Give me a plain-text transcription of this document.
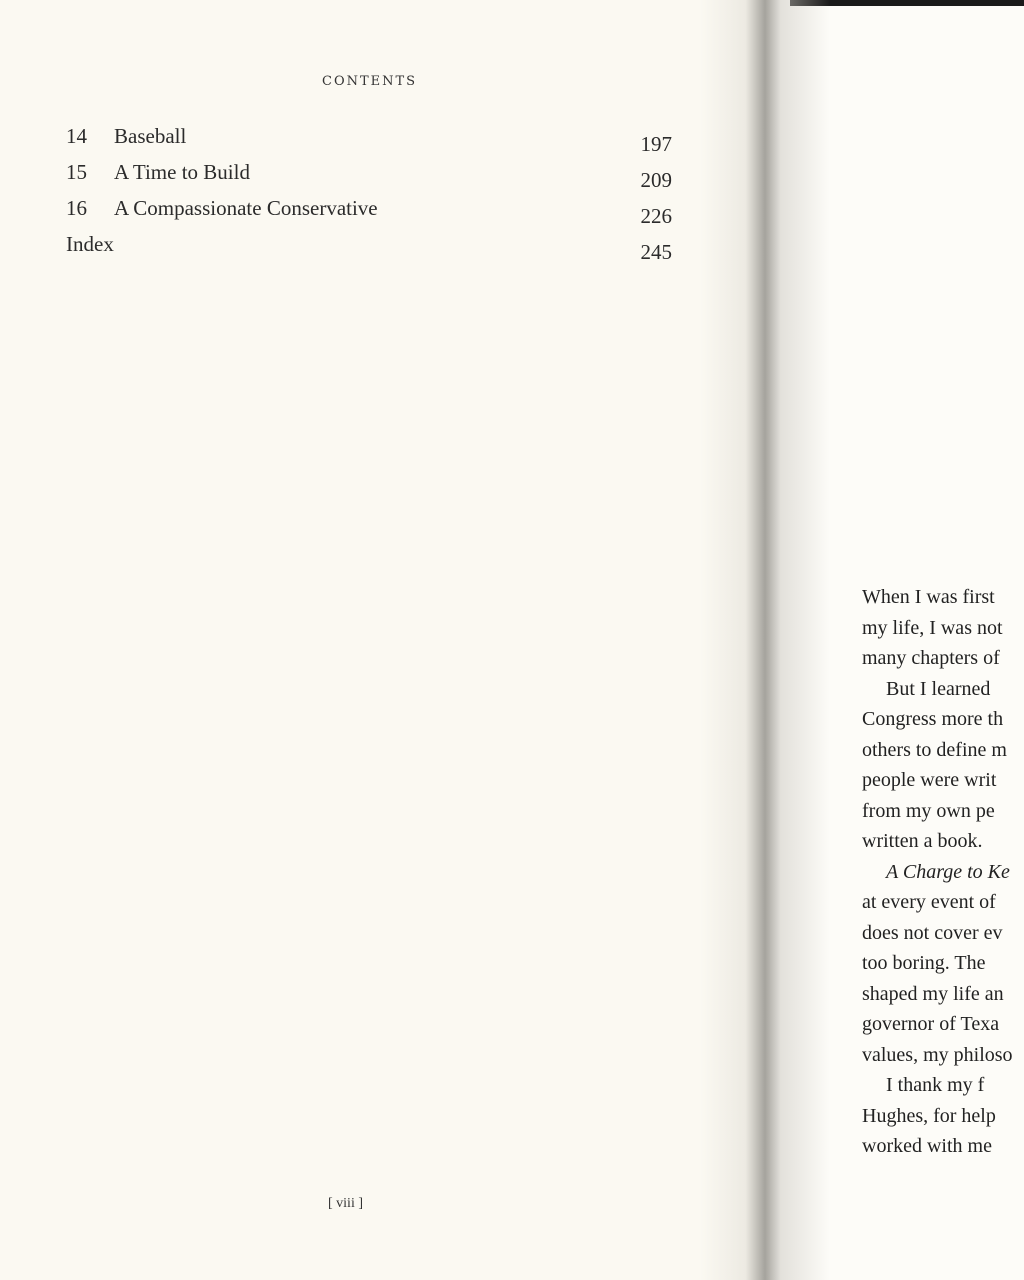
CONTENTS
14 Baseball	197
15 A Time to Build	209
16 A Compassionate Conservative	226
Index	245
[ viii ]
When I was first
my life, I was not
many chapters of
But I learned
Congress more th
others to define m
people were writ
from my own pe
written a book.
A Charge to Ke
at every event of
does not cover ev
too boring. The
shaped my life an
governor of Texa
values, my philoso
I thank my f
Hughes, for help
worked with me
